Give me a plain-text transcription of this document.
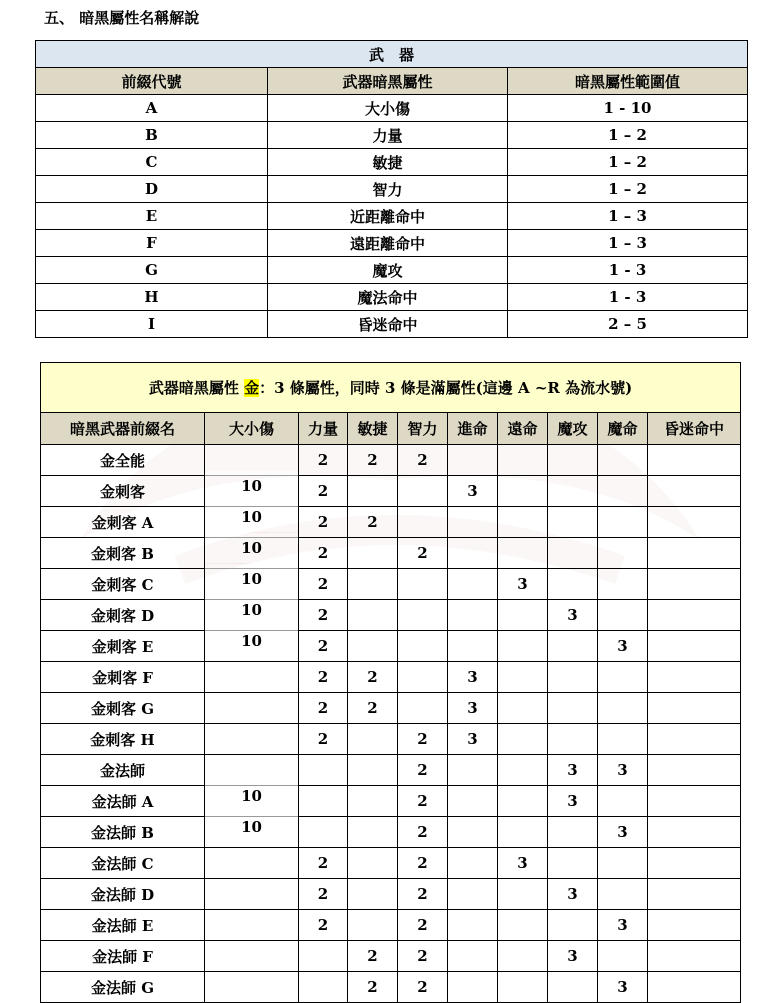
五、 暗黑屬性名稱解說
武　器		
前綴代號	武器暗黑屬性	暗黑屬性範圍值
A	大小傷	1 - 10
B	力量	1 – 2
C	敏捷	1 – 2
D	智力	1 – 2
E	近距離命中	1 – 3
F	遠距離命中	1 – 3
G	魔攻	1 - 3
H	魔法命中	1 - 3
I	昏迷命中	2 – 5
武器暗黑屬性 金：3 條屬性，同時 3 條是滿屬性(這邊 A ~R 為流水號)									
暗黑武器前綴名	大小傷	力量	敏捷	智力	進命	遠命	魔攻	魔命	昏迷命中
金全能		2	2	2					
金刺客	10	2			3				
金刺客 A	10	2	2						
金刺客 B	10	2		2					
金刺客 C	10	2				3			
金刺客 D	10	2					3		
金刺客 E	10	2						3	
金刺客 F		2	2		3				
金刺客 G		2	2		3				
金刺客 H		2		2	3				
金法師				2			3	3	
金法師 A	10			2			3		
金法師 B	10			2				3	
金法師 C		2		2		3			
金法師 D		2		2			3		
金法師 E		2		2				3	
金法師 F			2	2			3		
金法師 G			2	2				3	
